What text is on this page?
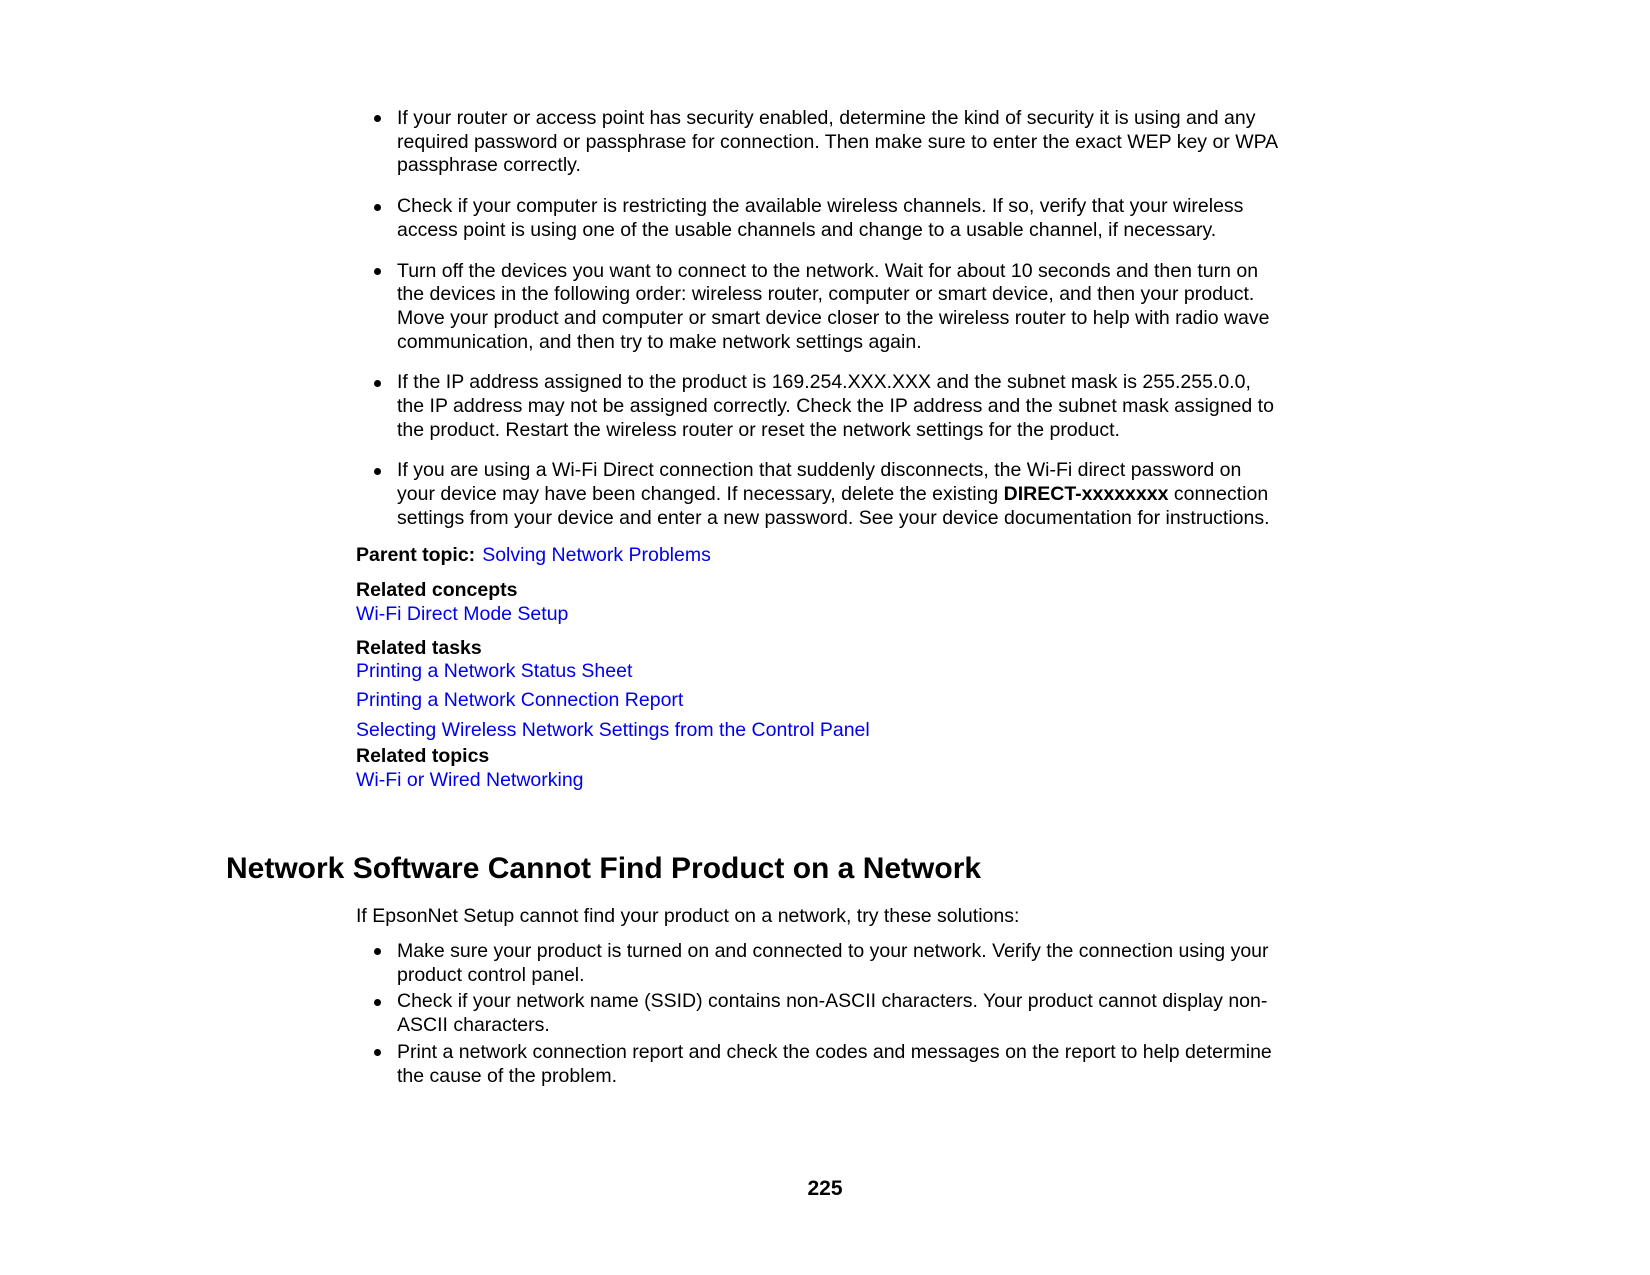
If your router or access point has security enabled, determine the kind of security it is using and any
required password or passphrase for connection. Then make sure to enter the exact WEP key or WPA
passphrase correctly.
Check if your computer is restricting the available wireless channels. If so, verify that your wireless
access point is using one of the usable channels and change to a usable channel, if necessary.
Turn off the devices you want to connect to the network. Wait for about 10 seconds and then turn on
the devices in the following order: wireless router, computer or smart device, and then your product.
Move your product and computer or smart device closer to the wireless router to help with radio wave
communication, and then try to make network settings again.
If the IP address assigned to the product is 169.254.XXX.XXX and the subnet mask is 255.255.0.0,
the IP address may not be assigned correctly. Check the IP address and the subnet mask assigned to
the product. Restart the wireless router or reset the network settings for the product.
If you are using a Wi-Fi Direct connection that suddenly disconnects, the Wi-Fi direct password on
your device may have been changed. If necessary, delete the existing DIRECT-xxxxxxxx connection
settings from your device and enter a new password. See your device documentation for instructions.
Parent topic: Solving Network Problems
Related concepts
Wi-Fi Direct Mode Setup
Related tasks
Printing a Network Status Sheet
Printing a Network Connection Report
Selecting Wireless Network Settings from the Control Panel
Related topics
Wi-Fi or Wired Networking
Network Software Cannot Find Product on a Network
If EpsonNet Setup cannot find your product on a network, try these solutions:
Make sure your product is turned on and connected to your network. Verify the connection using your
product control panel.
Check if your network name (SSID) contains non-ASCII characters. Your product cannot display non-
ASCII characters.
Print a network connection report and check the codes and messages on the report to help determine
the cause of the problem.
225
